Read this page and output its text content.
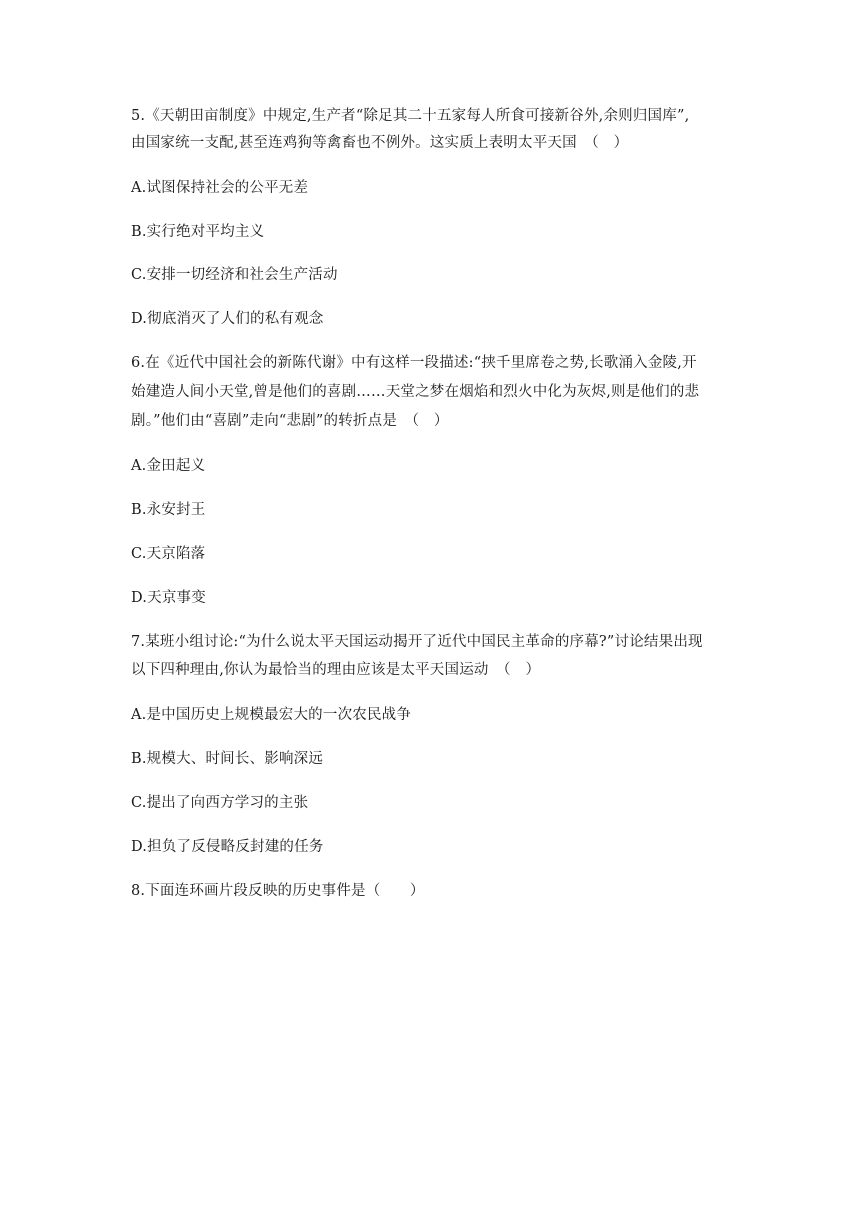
5.《天朝田亩制度》中规定,生产者“除足其二十五家每人所食可接新谷外,余则归国库”,
由国家统一支配,甚至连鸡狗等禽畜也不例外。这实质上表明太平天国　（　）
A.试图保持社会的公平无差
B.实行绝对平均主义
C.安排一切经济和社会生产活动
D.彻底消灭了人们的私有观念
6.在《近代中国社会的新陈代谢》中有这样一段描述:“挟千里席卷之势,长歌涌入金陵,开
始建造人间小天堂,曾是他们的喜剧……天堂之梦在烟焰和烈火中化为灰烬,则是他们的悲
剧。”他们由“喜剧”走向“悲剧”的转折点是　（　）
A.金田起义
B.永安封王
C.天京陷落
D.天京事变
7.某班小组讨论:“为什么说太平天国运动揭开了近代中国民主革命的序幕?”讨论结果出现
以下四种理由,你认为最恰当的理由应该是太平天国运动　（　）
A.是中国历史上规模最宏大的一次农民战争
B.规模大、时间长、影响深远
C.提出了向西方学习的主张
D.担负了反侵略反封建的任务
8.下面连环画片段反映的历史事件是（　　）
